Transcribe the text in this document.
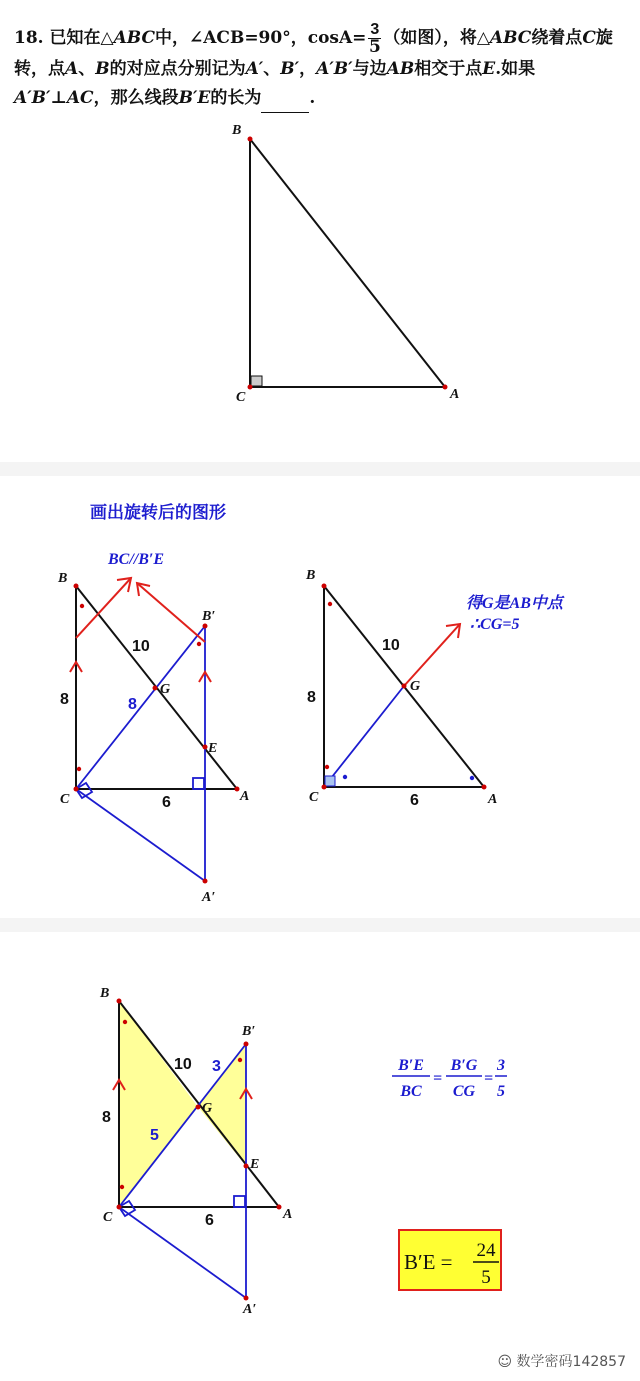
18. 已知在△ABC中，∠ACB=90°，$\cos A= \frac{3}{5}$ （如图），将△ABC绕着点C旋转，点A、B的对应点分别记为A′、B′，A′B′与边AB相交于点E.如果A′B′⊥AC，那么线段B′E的长为	.
B
C	A
画出旋转后的图形
BC//B′E
B
C	A
B′
A′
G
E
10
8
6
8
B
C	A
G
10
8
6
得G是AB中点
∴CG=5
B
C	A
B′
A′
G
E
10
8
6
5
3	B′E
BC
=
B′G
CG
=
3
5
B′E = 24
5
☺ 数学密码142857
